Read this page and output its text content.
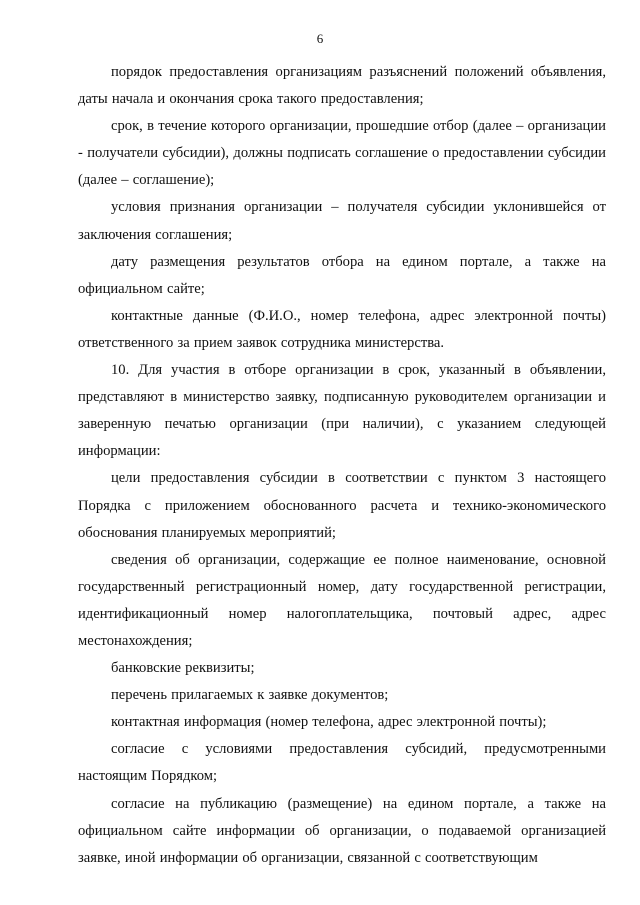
6

порядок предоставления организациям разъяснений положений объявления, даты начала и окончания срока такого предоставления;

срок, в течение которого организации, прошедшие отбор (далее – организации - получатели субсидии), должны подписать соглашение о предоставлении субсидии (далее – соглашение);

условия признания организации – получателя субсидии уклонившейся от заключения соглашения;

дату размещения результатов отбора на едином портале, а также на официальном сайте;

контактные данные (Ф.И.О., номер телефона, адрес электронной почты) ответственного за прием заявок сотрудника министерства.

10. Для участия в отборе организации в срок, указанный в объявлении, представляют в министерство заявку, подписанную руководителем организации и заверенную печатью организации (при наличии), с указанием следующей информации:

цели предоставления субсидии в соответствии с пунктом 3 настоящего Порядка с приложением обоснованного расчета и технико-экономического обоснования планируемых мероприятий;

сведения об организации, содержащие ее полное наименование, основной государственный регистрационный номер, дату государственной регистрации, идентификационный номер налогоплательщика, почтовый адрес, адрес местонахождения;

банковские реквизиты;

перечень прилагаемых к заявке документов;

контактная информация (номер телефона, адрес электронной почты);

согласие с условиями предоставления субсидий, предусмотренными настоящим Порядком;

согласие на публикацию (размещение) на едином портале, а также на официальном сайте информации об организации, о подаваемой организацией заявке, иной информации об организации, связанной с соответствующим
